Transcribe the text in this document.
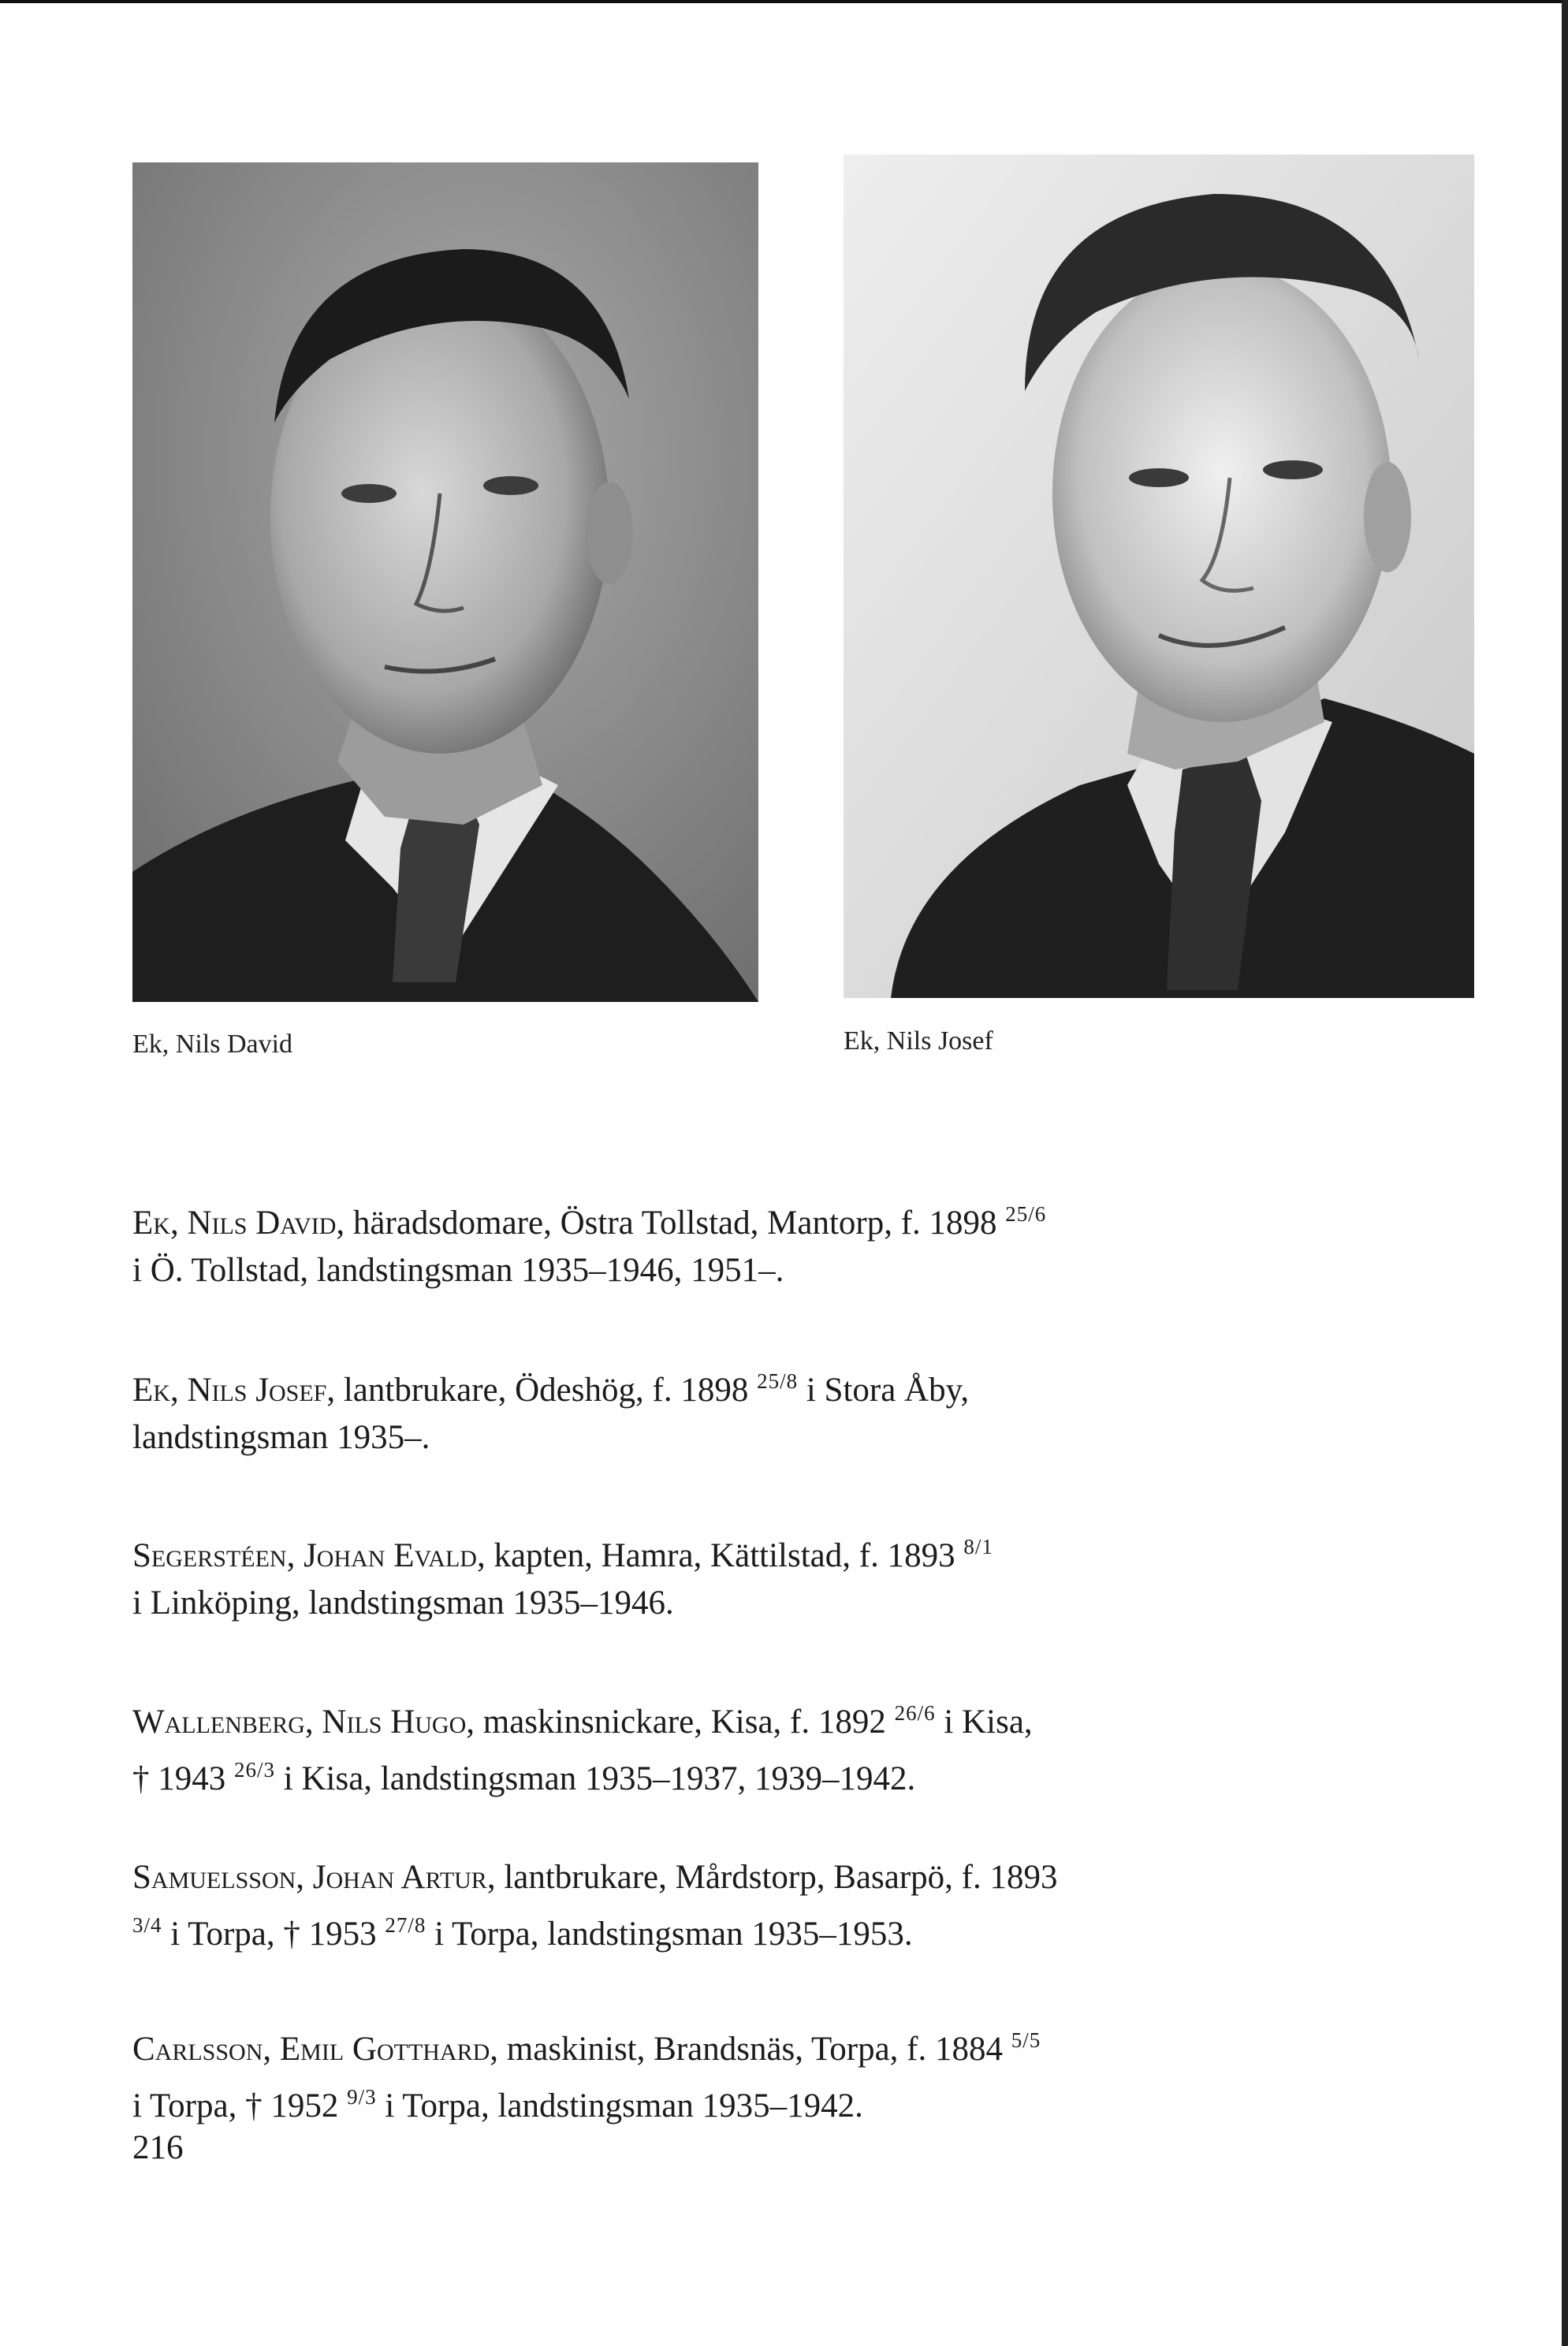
Ek, Nils David	Ek, Nils Josef

Ek, Nils David, häradsdomare, Östra Tollstad, Mantorp, f. 1898 $^{25/6}$

i Ö. Tollstad, landstingsman 1935–1946, 1951–.

Ek, Nils Josef, lantbrukare, Ödeshög, f. 1898 $^{25/8}$ i Stora Åby,

landstingsman 1935–.

Segerstéen, Johan Evald, kapten, Hamra, Kättilstad, f. 1893 $^{8/1}$

i Linköping, landstingsman 1935–1946.

Wallenberg, Nils Hugo, maskinsnickare, Kisa, f. 1892 $^{26/6}$ i Kisa,

† 1943 $^{26/3}$ i Kisa, landstingsman 1935–1937, 1939–1942.

Samuelsson, Johan Artur, lantbrukare, Mårdstorp, Basarpö, f. 1893

$^{3/4}$ i Torpa, † 1953 $^{27/8}$ i Torpa, landstingsman 1935–1953.

Carlsson, Emil Gotthard, maskinist, Brandsnäs, Torpa, f. 1884 $^{5/5}$

i Torpa, † 1952 $^{9/3}$ i Torpa, landstingsman 1935–1942.

216
